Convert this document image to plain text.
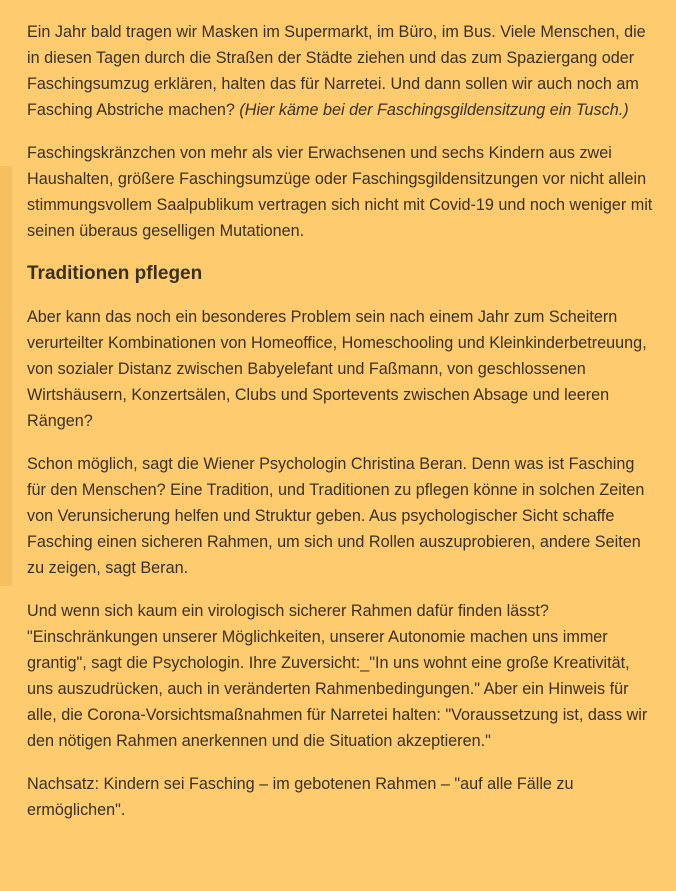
Ein Jahr bald tragen wir Masken im Supermarkt, im Büro, im Bus. Viele Menschen, die in diesen Tagen durch die Straßen der Städte ziehen und das zum Spaziergang oder Faschingsumzug erklären, halten das für Narretei. Und dann sollen wir auch noch am Fasching Abstriche machen? (Hier käme bei der Faschingsgildensitzung ein Tusch.)

Faschingskränzchen von mehr als vier Erwachsenen und sechs Kindern aus zwei Haushalten, größere Faschingsumzüge oder Faschingsgildensitzungen vor nicht allein stimmungsvollem Saalpublikum vertragen sich nicht mit Covid-19 und noch weniger mit seinen überaus geselligen Mutationen.

Traditionen pflegen

Aber kann das noch ein besonderes Problem sein nach einem Jahr zum Scheitern verurteilter Kombinationen von Homeoffice, Homeschooling und Kleinkinderbetreuung, von sozialer Distanz zwischen Babyelefant und Faßmann, von geschlossenen Wirtshäusern, Konzertsälen, Clubs und Sportevents zwischen Absage und leeren Rängen?

Schon möglich, sagt die Wiener Psychologin Christina Beran. Denn was ist Fasching für den Menschen? Eine Tradition, und Traditionen zu pflegen könne in solchen Zeiten von Verunsicherung helfen und Struktur geben. Aus psychologischer Sicht schaffe Fasching einen sicheren Rahmen, um sich und Rollen auszuprobieren, andere Seiten zu zeigen, sagt Beran.

Und wenn sich kaum ein virologisch sicherer Rahmen dafür finden lässt? "Einschränkungen unserer Möglichkeiten, unserer Autonomie machen uns immer grantig", sagt die Psychologin. Ihre Zuversicht:_"In uns wohnt eine große Kreativität, uns auszudrücken, auch in veränderten Rahmenbedingungen." Aber ein Hinweis für alle, die Corona-Vorsichtsmaßnahmen für Narretei halten: "Voraussetzung ist, dass wir den nötigen Rahmen anerkennen und die Situation akzeptieren."

Nachsatz: Kindern sei Fasching – im gebotenen Rahmen – "auf alle Fälle zu ermöglichen".
